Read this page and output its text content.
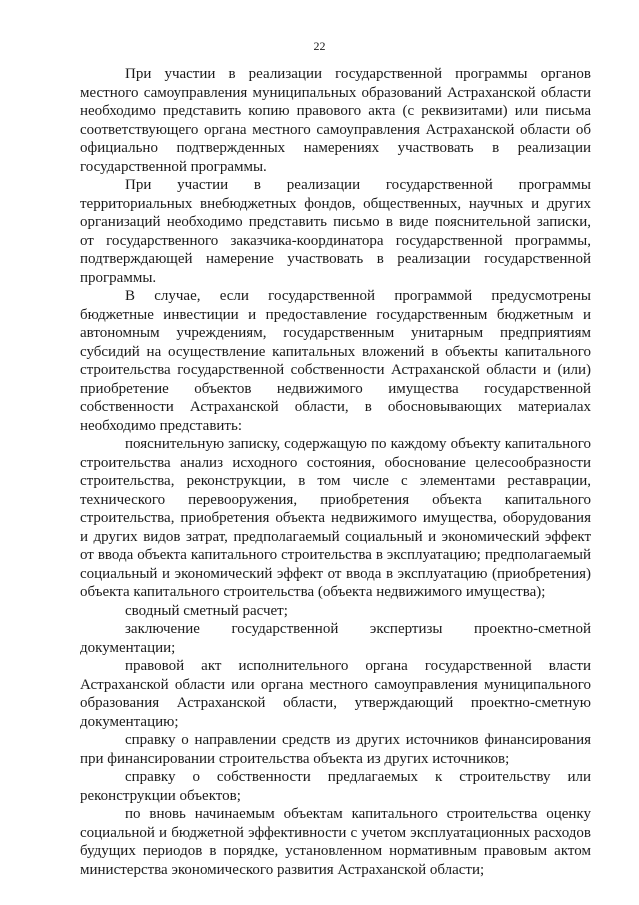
22

При участии в реализации государственной программы органов местного самоуправления муниципальных образований Астраханской области необходимо представить копию правового акта (с реквизитами) или письма соответствующего органа местного самоуправления Астраханской области об официально подтвержденных намерениях участвовать в реализации государственной программы.

При участии в реализации государственной программы территориальных внебюджетных фондов, общественных, научных и других организаций необходимо представить письмо в виде пояснительной записки, от государственного заказчика-координатора государственной программы, подтверждающей намерение участвовать в реализации государственной программы.

В случае, если государственной программой предусмотрены бюджетные инвестиции и предоставление государственным бюджетным и автономным учреждениям, государственным унитарным предприятиям субсидий на осуществление капитальных вложений в объекты капитального строительства государственной собственности Астраханской области и (или) приобретение объектов недвижимого имущества государственной собственности Астраханской области, в обосновывающих материалах необходимо представить:

пояснительную записку, содержащую по каждому объекту капитального строительства анализ исходного состояния, обоснование целесообразности строительства, реконструкции, в том числе с элементами реставрации, технического перевооружения, приобретения объекта капитального строительства, приобретения объекта недвижимого имущества, оборудования и других видов затрат, предполагаемый социальный и экономический эффект от ввода объекта капитального строительства в эксплуатацию; предполагаемый социальный и экономический эффект от ввода в эксплуатацию (приобретения) объекта капитального строительства (объекта недвижимого имущества);

сводный сметный расчет;

заключение государственной экспертизы проектно-сметной документации;

правовой акт исполнительного органа государственной власти Астраханской области или органа местного самоуправления муниципального образования Астраханской области, утверждающий проектно-сметную документацию;

справку о направлении средств из других источников финансирования при финансировании строительства объекта из других источников;

справку о собственности предлагаемых к строительству или реконструкции объектов;

по вновь начинаемым объектам капитального строительства оценку социальной и бюджетной эффективности с учетом эксплуатационных расходов будущих периодов в порядке, установленном нормативным правовым актом министерства экономического развития Астраханской области;
